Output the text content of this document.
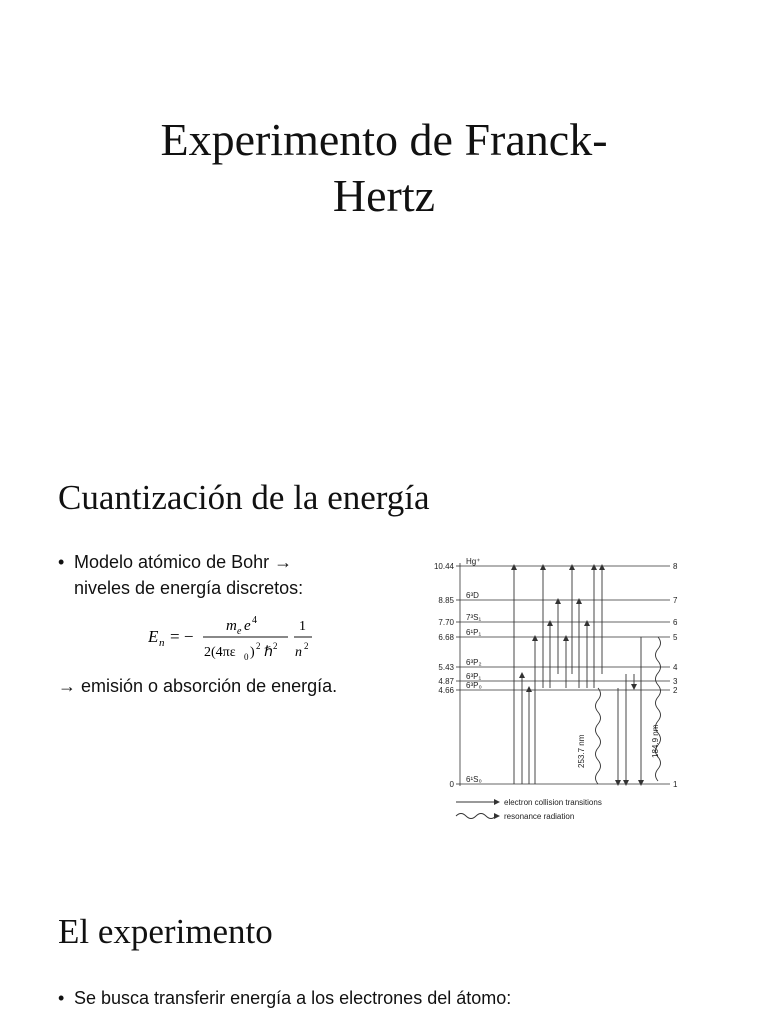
Experimento de Franck-
Hertz
Cuantización de la energía
• Modelo atómico de Bohr →
niveles de energía discretos:
E n = −
m e e 4
2(4πε 0 ) 2 ℏ 2
1
n 2
→ emisión o absorción de energía.
10.44
Hg⁺
8
8.85
6³D
7
7.70
7³S₁
6
6.68
6¹P₁
5
5.43
6³P₂
4
4.87
6³P₁
3
4.66
6³P₀
2
0
6¹S₀
1
253.7 nm	184.9 nm
electron collision transitions
resonance radiation
El experimento
• Se busca transferir energía a los electrones del átomo:
